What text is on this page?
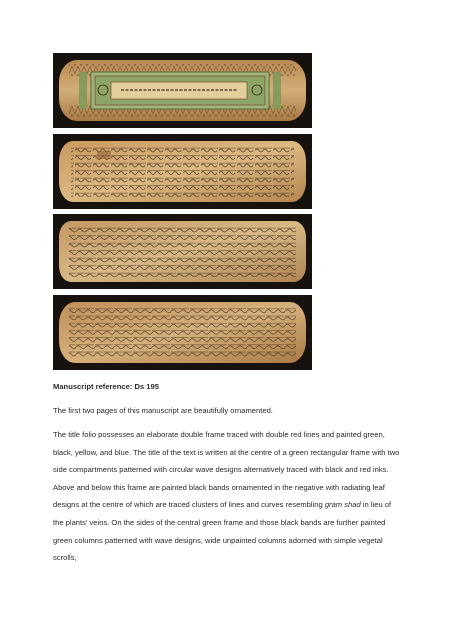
Manuscript reference: Ds 195
The first two pages of this manuscript are beautifully ornamented.
The title folio possesses an elaborate double frame traced with double red lines and painted green, black, yellow, and blue. The title of the text is written at the centre of a green rectangular frame with two side compartments patterned with circular wave designs alternatively traced with black and red inks. Above and below this frame are painted black bands ornamented in the negative with radiating leaf designs at the centre of which are traced clusters of lines and curves resembling gram shad in lieu of the plants' veins. On the sides of the central green frame and those black bands are further painted green columns patterned with wave designs, wide unpainted columns adorned with simple vegetal scrolls,
